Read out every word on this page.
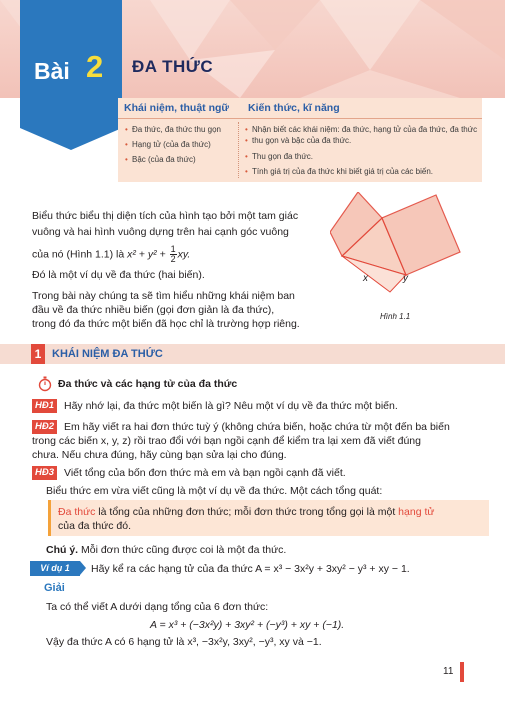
Bài 2 ĐA THỨC
Khái niệm, thuật ngữ Kiến thức, kĩ năng
• Đa thức, đa thức thu gọn
• Hạng tử (của đa thức)
• Bậc (của đa thức)
• Nhận biết các khái niệm: đa thức, hạng tử của đa thức, đa thức
• thu gọn và bậc của đa thức.
• Thu gọn đa thức.
• Tính giá trị của đa thức khi biết giá trị của các biến.
Biểu thức biểu thị diện tích của hình tạo bởi một tam giác
vuông và hai hình vuông dựng trên hai cạnh góc vuông
của nó (Hình 1.1) là $x^2 + y^2 + \frac{1}{2}$ xy.
Đó là một ví dụ về đa thức (hai biến).
Trong bài này chúng ta sẽ tìm hiểu những khái niệm ban
đầu về đa thức nhiều biến (gọi đơn giản là đa thức),
trong đó đa thức một biến đã học chỉ là trường hợp riêng.
x	y
Hình 1.1
1 KHÁI NIỆM ĐA THỨC
Đa thức và các hạng tử của đa thức
HĐ1 Hãy nhớ lại, đa thức một biến là gì? Nêu một ví dụ về đa thức một biến.
HĐ2 Em hãy viết ra hai đơn thức tuỳ ý (không chứa biến, hoặc chứa từ một đến ba biến
trong các biến x, y, z) rồi trao đổi với bạn ngồi cạnh để kiểm tra lại xem đã viết đúng
chưa. Nếu chưa đúng, hãy cùng bạn sửa lại cho đúng.
HĐ3 Viết tổng của bốn đơn thức mà em và bạn ngồi cạnh đã viết.
Biểu thức em vừa viết cũng là một ví dụ về đa thức. Một cách tổng quát:
Đa thức là tổng của những đơn thức; mỗi đơn thức trong tổng gọi là một hạng tử
của đa thức đó.
Chú ý. Mỗi đơn thức cũng được coi là một đa thức.
Ví dụ 1	Hãy kể ra các hạng tử của đa thức A = x³ − 3x²y + 3xy² − y³ + xy − 1.
Giải
Ta có thể viết A dưới dạng tổng của 6 đơn thức:
A = x³ + (−3x²y) + 3xy² + (−y³) + xy + (−1).
Vậy đa thức A có 6 hạng tử là x³, −3x²y, 3xy², −y³, xy và −1.
11
